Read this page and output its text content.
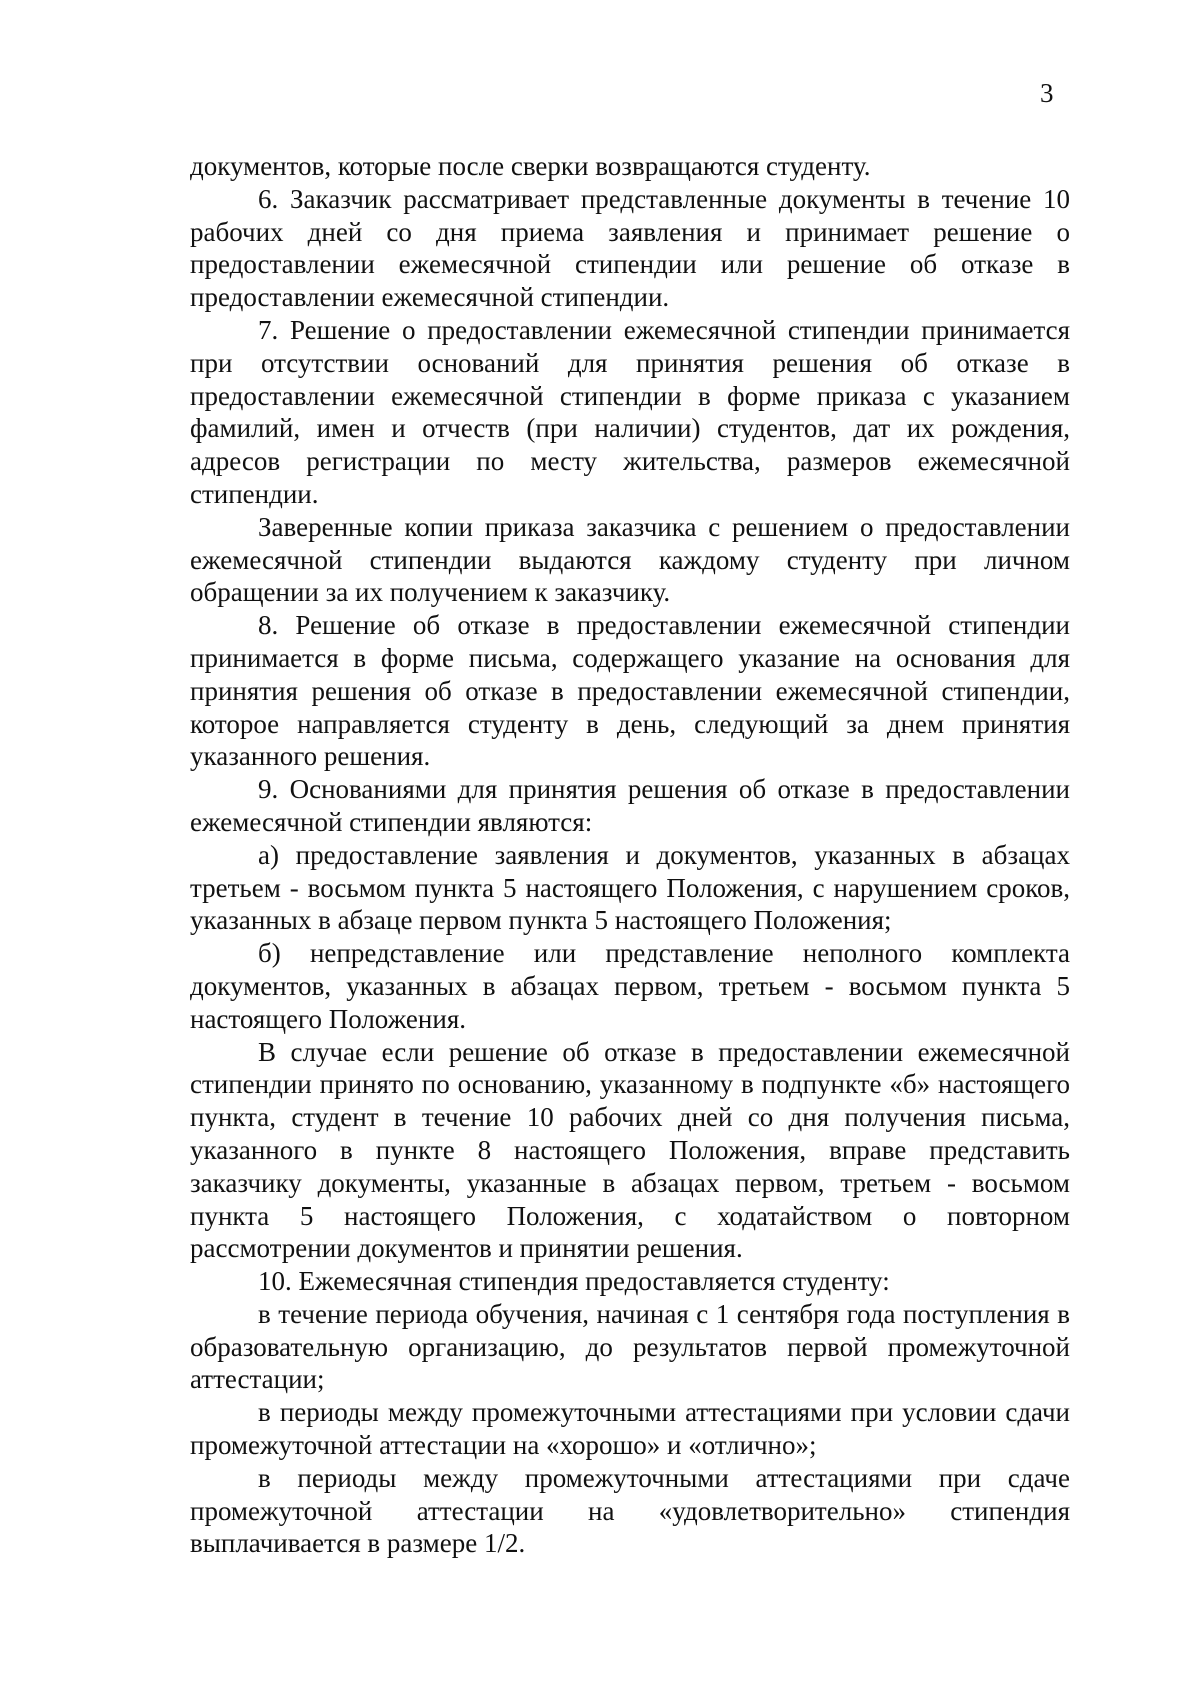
3

документов, которые после сверки возвращаются студенту.

6. Заказчик рассматривает представленные документы в течение 10 рабочих дней со дня приема заявления и принимает решение о предоставлении ежемесячной стипендии или решение об отказе в предоставлении ежемесячной стипендии.

7. Решение о предоставлении ежемесячной стипендии принимается при отсутствии оснований для принятия решения об отказе в предоставлении ежемесячной стипендии в форме приказа с указанием фамилий, имен и отчеств (при наличии) студентов, дат их рождения, адресов регистрации по месту жительства, размеров ежемесячной стипендии.

Заверенные копии приказа заказчика с решением о предоставлении ежемесячной стипендии выдаются каждому студенту при личном обращении за их получением к заказчику.

8. Решение об отказе в предоставлении ежемесячной стипендии принимается в форме письма, содержащего указание на основания для принятия решения об отказе в предоставлении ежемесячной стипендии, которое направляется студенту в день, следующий за днем принятия указанного решения.

9. Основаниями для принятия решения об отказе в предоставлении ежемесячной стипендии являются:

а) предоставление заявления и документов, указанных в абзацах третьем - восьмом пункта 5 настоящего Положения, с нарушением сроков, указанных в абзаце первом пункта 5 настоящего Положения;

б) непредставление или представление неполного комплекта документов, указанных в абзацах первом, третьем - восьмом пункта 5 настоящего Положения.

В случае если решение об отказе в предоставлении ежемесячной стипендии принято по основанию, указанному в подпункте «б» настоящего пункта, студент в течение 10 рабочих дней со дня получения письма, указанного в пункте 8 настоящего Положения, вправе представить заказчику документы, указанные в абзацах первом, третьем - восьмом пункта 5 настоящего Положения, с ходатайством о повторном рассмотрении документов и принятии решения.

10. Ежемесячная стипендия предоставляется студенту:

в течение периода обучения, начиная с 1 сентября года поступления в образовательную организацию, до результатов первой промежуточной аттестации;

в периоды между промежуточными аттестациями при условии сдачи промежуточной аттестации на «хорошо» и «отлично»;

в периоды между промежуточными аттестациями при сдаче промежуточной аттестации на «удовлетворительно» стипендия выплачивается в размере 1/2.
